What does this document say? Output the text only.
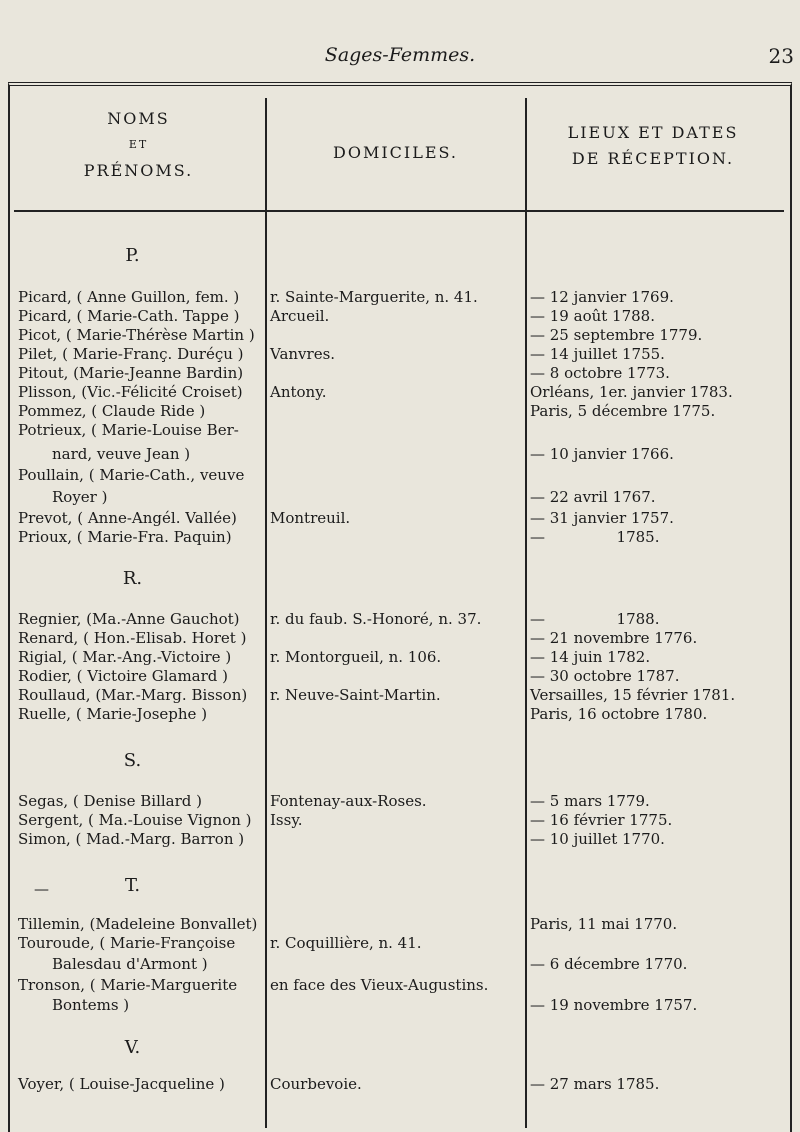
Sages-Femmes.	23
NOMS
ET
PRÉNOMS.
DOMICILES.
LIEUX ET DATES
DE RÉCEPTION.
P.
R.
S.
—	T.
V.
Picard, ( Anne Guillon, fem. )	r. Sainte-Marguerite, n. 41.	— 12 janvier 1769.
Picard, ( Marie-Cath. Tappe )	Arcueil.	— 19 août 1788.
Picot, ( Marie-Thérèse Martin )	— 25 septembre 1779.
Pilet, ( Marie-Franç. Duréçu )	Vanvres.	— 14 juillet 1755.
Pitout, (Marie-Jeanne Bardin)	— 8 octobre 1773.
Plisson, (Vic.-Félicité Croiset)	Antony.	Orléans, 1er. janvier 1783.
Pommez, ( Claude Ride )	Paris, 5 décembre 1775.
Potrieux, ( Marie-Louise Ber-
nard, veuve Jean )	— 10 janvier 1766.
Poullain, ( Marie-Cath., veuve
Royer )	— 22 avril 1767.
Prevot, ( Anne-Angél. Vallée)	Montreuil.	— 31 janvier 1757.
Prioux, ( Marie-Fra. Paquin)	—               1785.
Regnier, (Ma.-Anne Gauchot)	r. du faub. S.-Honoré, n. 37.	—               1788.
Renard, ( Hon.-Elisab. Horet )	— 21 novembre 1776.
Rigial, ( Mar.-Ang.-Victoire )	r. Montorgueil, n. 106.	— 14 juin 1782.
Rodier, ( Victoire Glamard )	— 30 octobre 1787.
Roullaud, (Mar.-Marg. Bisson)	r. Neuve-Saint-Martin.	Versailles, 15 février 1781.
Ruelle, ( Marie-Josephe )	Paris, 16 octobre 1780.
Segas, ( Denise Billard )	Fontenay-aux-Roses.	— 5 mars 1779.
Sergent, ( Ma.-Louise Vignon )	Issy.	— 16 février 1775.
Simon, ( Mad.-Marg. Barron )	— 10 juillet 1770.
Tillemin, (Madeleine Bonvallet)	Paris, 11 mai 1770.
Touroude, ( Marie-Françoise	r. Coquillière, n. 41.
Balesdau d'Armont )	— 6 décembre 1770.
Tronson, ( Marie-Marguerite	en face des Vieux-Augustins.
Bontems )	— 19 novembre 1757.
Voyer, ( Louise-Jacqueline )	Courbevoie.	— 27 mars 1785.
